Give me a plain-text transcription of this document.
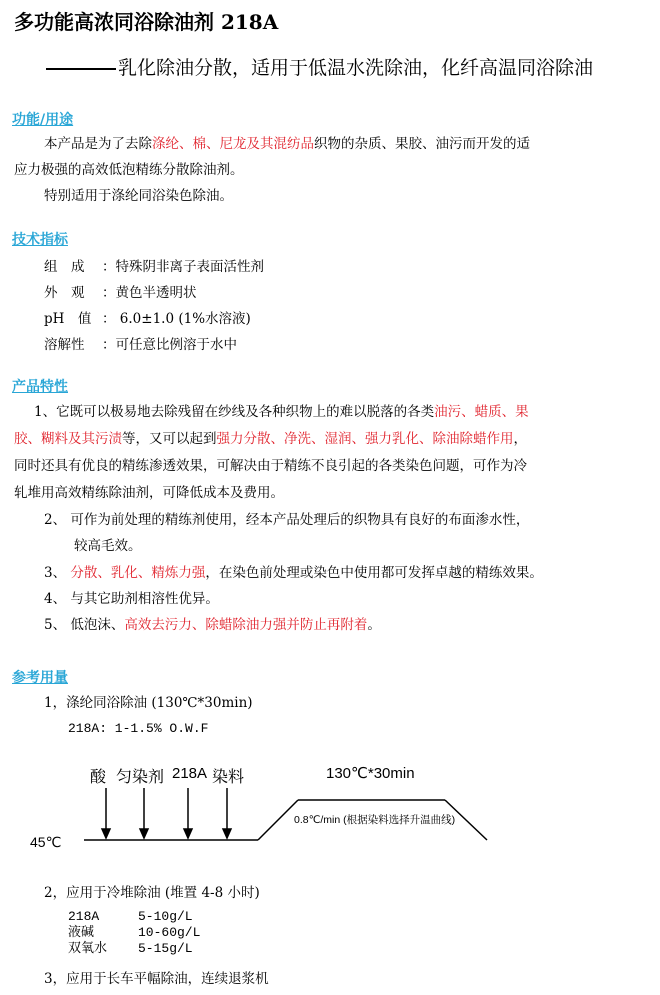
多功能高浓同浴除油剂 218A
乳化除油分散，适用于低温水洗除油，化纤高温同浴除油
功能/用途
本产品是为了去除涤纶、棉、尼龙及其混纺品织物的杂质、果胶、油污而开发的适
应力极强的高效低泡精练分散除油剂。
特别适用于涤纶同浴染色除油。
技术指标
组　成 ：特殊阴非离子表面活性剂
外　观 ：黄色半透明状
pH　值 ： 6.0±1.0 (1%水溶液)
溶解性 ：可任意比例溶于水中
产品特性
1、它既可以极易地去除残留在纱线及各种织物上的难以脱落的各类油污、蜡质、果
胶、糊料及其污渍等，又可以起到强力分散、净洗、湿润、强力乳化、除油除蜡作用，
同时还具有优良的精练渗透效果，可解决由于精练不良引起的各类染色问题，可作为冷
轧堆用高效精练除油剂，可降低成本及费用。
2、 可作为前处理的精练剂使用，经本产品处理后的织物具有良好的布面渗水性，
较高毛效。
3、 分散、乳化、精炼力强，在染色前处理或染色中使用都可发挥卓越的精练效果。
4、 与其它助剂相溶性优异。
5、 低泡沫、高效去污力、除蜡除油力强并防止再附着。
参考用量
1，涤纶同浴除油 (130℃*30min)
218A: 1-1.5% O.W.F
酸 匀染剂 218A 染料	130℃*30min
0.8℃/min (根据染料选择升温曲线)
45℃
2，应用于冷堆除油 (堆置 4-8 小时)
218A	5-10g/L
液碱	10-60g/L
双氧水 5-15g/L
3，应用于长车平幅除油，连续退浆机
